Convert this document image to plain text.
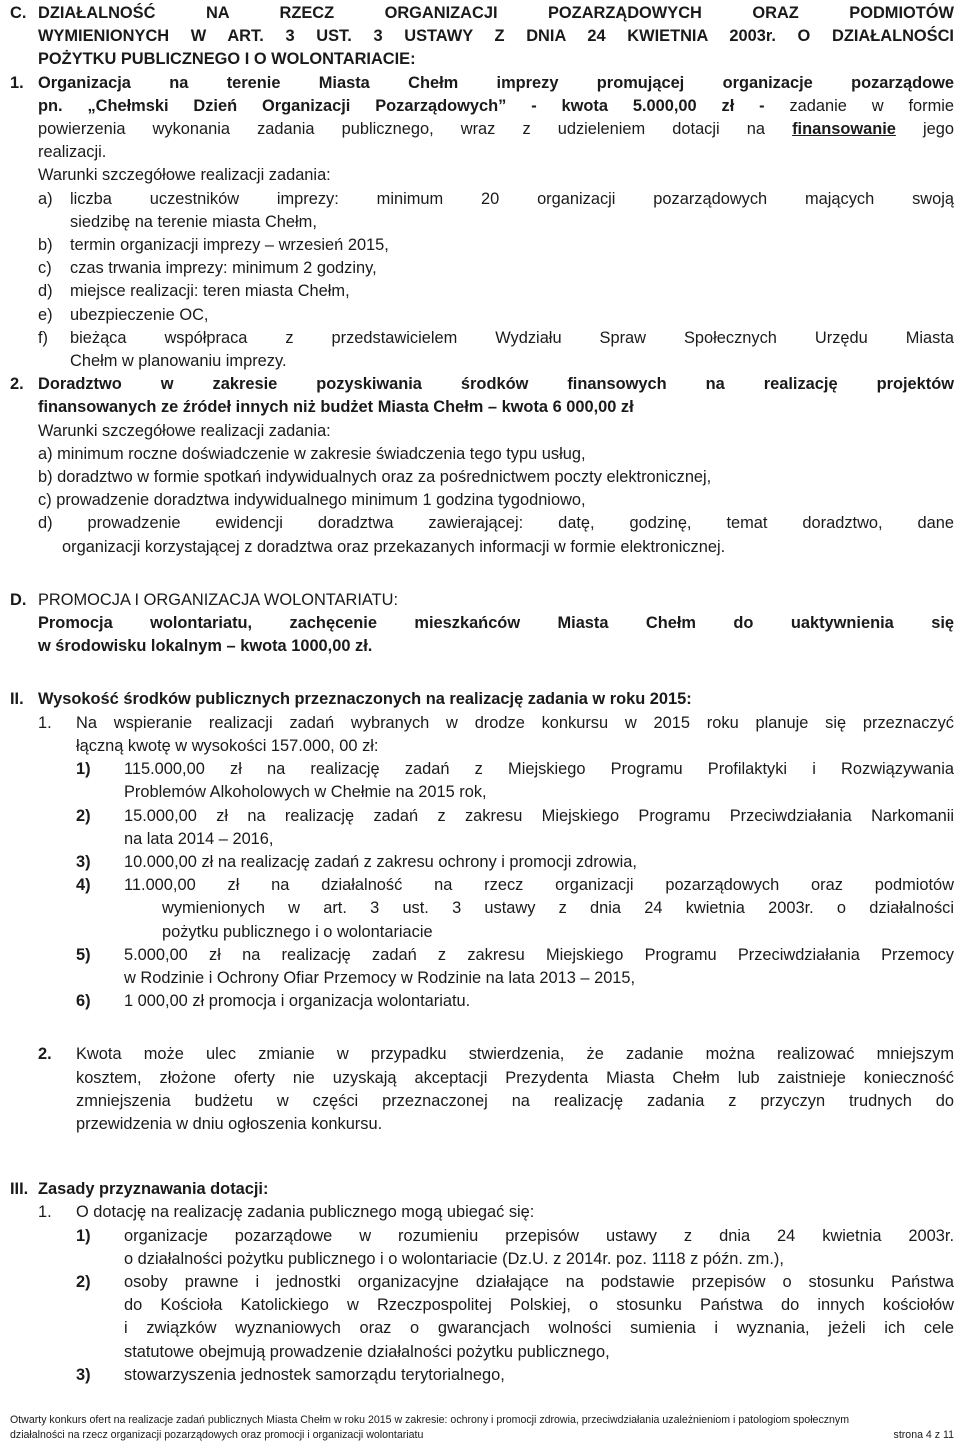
C. DZIAŁALNOŚĆ NA RZECZ ORGANIZACJI POZARZĄDOWYCH ORAZ PODMIOTÓW
WYMIENIONYCH W ART. 3 UST. 3 USTAWY Z DNIA 24 KWIETNIA 2003r. O DZIAŁALNOŚCI
POŻYTKU PUBLICZNEGO I O WOLONTARIACIE:
1. Organizacja na terenie Miasta Chełm imprezy promującej organizacje pozarządowe
pn. „Chełmski Dzień Organizacji Pozarządowych” - kwota 5.000,00 zł - zadanie w formie
powierzenia wykonania zadania publicznego, wraz z udzieleniem dotacji na finansowanie jego
realizacji.
Warunki szczegółowe realizacji zadania:
a)	liczba uczestników imprezy: minimum 20 organizacji pozarządowych mających swoją
siedzibę na terenie miasta Chełm,
b)	termin organizacji imprezy – wrzesień 2015,
c)	czas trwania imprezy: minimum 2 godziny,
d)	miejsce realizacji: teren miasta Chełm,
e)	ubezpieczenie OC,
f)	bieżąca współpraca z przedstawicielem Wydziału Spraw Społecznych Urzędu Miasta
Chełm w planowaniu imprezy.
2. Doradztwo w zakresie pozyskiwania środków finansowych na realizację projektów
finansowanych ze źródeł innych niż budżet Miasta Chełm – kwota 6 000,00 zł
Warunki szczegółowe realizacji zadania:
a) minimum roczne doświadczenie w zakresie świadczenia tego typu usług,
b) doradztwo w formie spotkań indywidualnych oraz za pośrednictwem poczty elektronicznej,
c) prowadzenie doradztwa indywidualnego minimum 1 godzina tygodniowo,
d) prowadzenie ewidencji doradztwa zawierającej: datę, godzinę, temat doradztwo, dane
organizacji korzystającej z doradztwa oraz przekazanych informacji w formie elektronicznej.
D. PROMOCJA I ORGANIZACJA WOLONTARIATU:
Promocja wolontariatu, zachęcenie mieszkańców Miasta Chełm do uaktywnienia się
w środowisku lokalnym – kwota 1000,00 zł.
II. Wysokość środków publicznych przeznaczonych na realizację zadania w roku 2015:
1.	Na wspieranie realizacji zadań wybranych w drodze konkursu w 2015 roku planuje się przeznaczyć
łączną kwotę w wysokości 157.000, 00 zł:
1)	115.000,00 zł na realizację zadań z Miejskiego Programu Profilaktyki i Rozwiązywania
Problemów Alkoholowych w Chełmie na 2015 rok,
2)	15.000,00 zł na realizację zadań z zakresu Miejskiego Programu Przeciwdziałania Narkomanii
na lata 2014 – 2016,
3)	10.000,00 zł na realizację zadań z zakresu ochrony i promocji zdrowia,
4)	11.000,00 zł na działalność na rzecz organizacji pozarządowych oraz podmiotów
wymienionych w art. 3 ust. 3 ustawy z dnia 24 kwietnia 2003r. o działalności
pożytku publicznego i o wolontariacie
5)	5.000,00 zł na realizację zadań z zakresu Miejskiego Programu Przeciwdziałania Przemocy
w Rodzinie i Ochrony Ofiar Przemocy w Rodzinie na lata 2013 – 2015,
6)	1 000,00 zł promocja i organizacja wolontariatu.
2.	Kwota może ulec zmianie w przypadku stwierdzenia, że zadanie można realizować mniejszym
kosztem, złożone oferty nie uzyskają akceptacji Prezydenta Miasta Chełm lub zaistnieje konieczność
zmniejszenia budżetu w części przeznaczonej na realizację zadania z przyczyn trudnych do
przewidzenia w dniu ogłoszenia konkursu.
III. Zasady przyznawania dotacji:
1.	O dotację na realizację zadania publicznego mogą ubiegać się:
1)	organizacje pozarządowe w rozumieniu przepisów ustawy z dnia 24 kwietnia 2003r.
o działalności pożytku publicznego i o wolontariacie (Dz.U. z 2014r. poz. 1118 z późn. zm.),
2)	osoby prawne i jednostki organizacyjne działające na podstawie przepisów o stosunku Państwa
do Kościoła Katolickiego w Rzeczpospolitej Polskiej, o stosunku Państwa do innych kościołów
i związków wyznaniowych oraz o gwarancjach wolności sumienia i wyznania, jeżeli ich cele
statutowe obejmują prowadzenie działalności pożytku publicznego,
3)	stowarzyszenia jednostek samorządu terytorialnego,
Otwarty konkurs ofert na realizacje zadań publicznych Miasta Chełm w roku 2015 w zakresie: ochrony i promocji zdrowia, przeciwdziałania uzależnieniom i patologiom społecznym
działalności na rzecz organizacji pozarządowych oraz promocji i organizacji wolontariatu	strona 4 z 11
